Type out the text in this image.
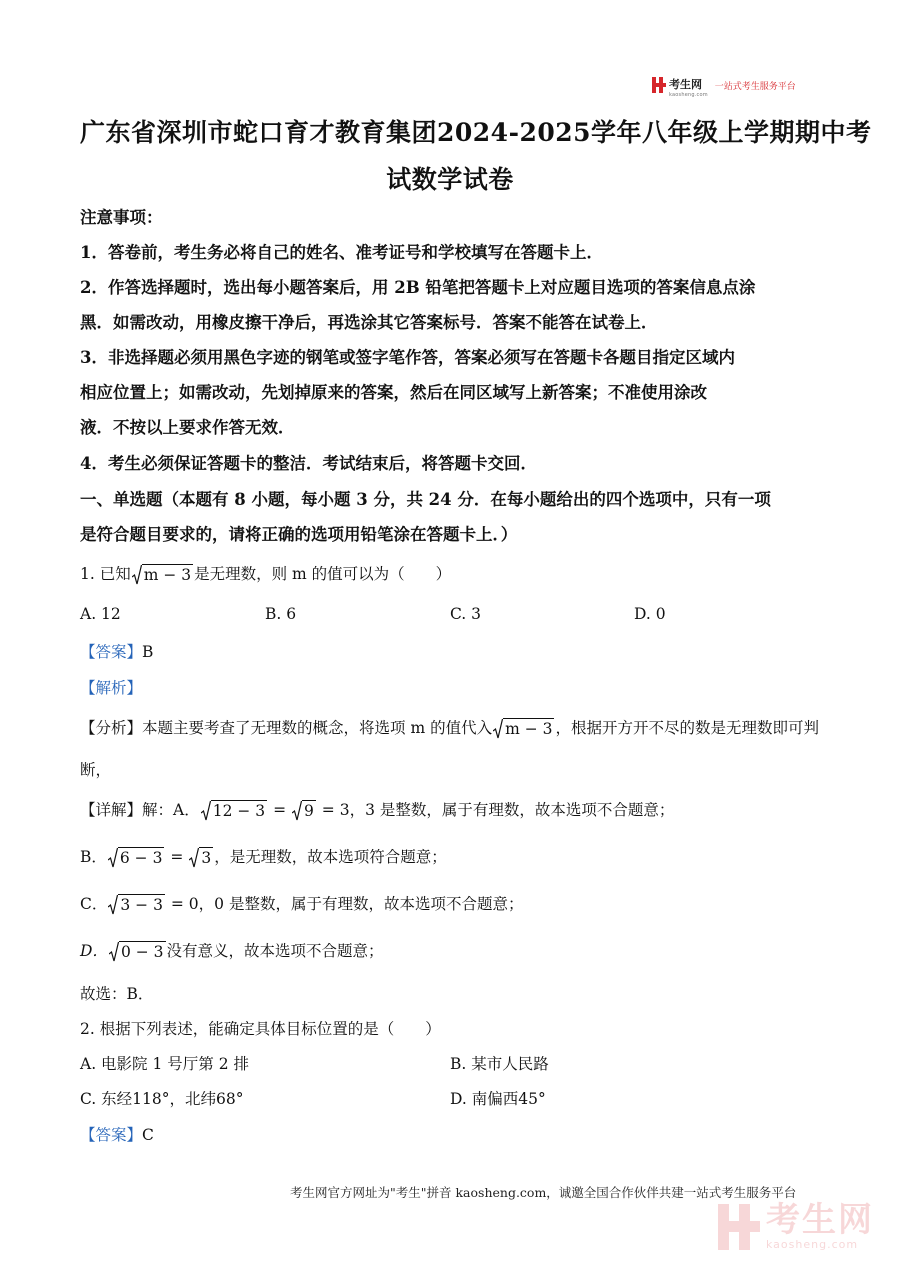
考生网
kaosheng.com
一站式考生服务平台
广东省深圳市蛇口育才教育集团2024-2025学年八年级上学期期中考
试数学试卷
注意事项：
1．答卷前，考生务必将自己的姓名、准考证号和学校填写在答题卡上．
2．作答选择题时，选出每小题答案后，用 2B 铅笔把答题卡上对应题目选项的答案信息点涂
黑．如需改动，用橡皮擦干净后，再选涂其它答案标号．答案不能答在试卷上．
3．非选择题必须用黑色字迹的钢笔或签字笔作答，答案必须写在答题卡各题目指定区域内
相应位置上；如需改动，先划掉原来的答案，然后在同区域写上新答案；不准使用涂改
液．不按以上要求作答无效．
4．考生必须保证答题卡的整洁．考试结束后，将答题卡交回．
一、单选题（本题有 8 小题，每小题 3 分，共 24 分．在每小题给出的四个选项中，只有一项
是符合题目要求的，请将正确的选项用铅笔涂在答题卡上．）
1. 已知 m − 3 是无理数，则 m 的值可以为（　　）
A. 12	B. 6	C. 3	D. 0
【答案】B
【解析】
【分析】本题主要考查了无理数的概念，将选项 m 的值代入 m − 3 ，根据开方开不尽的数是无理数即可判
断，
【详解】解：A． 12 − 3 = 9 = 3，3 是整数，属于有理数，故本选项不合题意；
B． 6 − 3 = 3 ，是无理数，故本选项符合题意；
C． 3 − 3 = 0，0 是整数，属于有理数，故本选项不合题意；
D． 0 − 3 没有意义，故本选项不合题意；
故选：B．
2. 根据下列表述，能确定具体目标位置的是（　　）
A. 电影院 1 号厅第 2 排	B. 某市人民路
C. 东经118°，北纬68°	D. 南偏西45°
【答案】C
考生网官方网址为"考生"拼音 kaosheng.com，诚邀全国合作伙伴共建一站式考生服务平台
考生网
kaosheng.com
